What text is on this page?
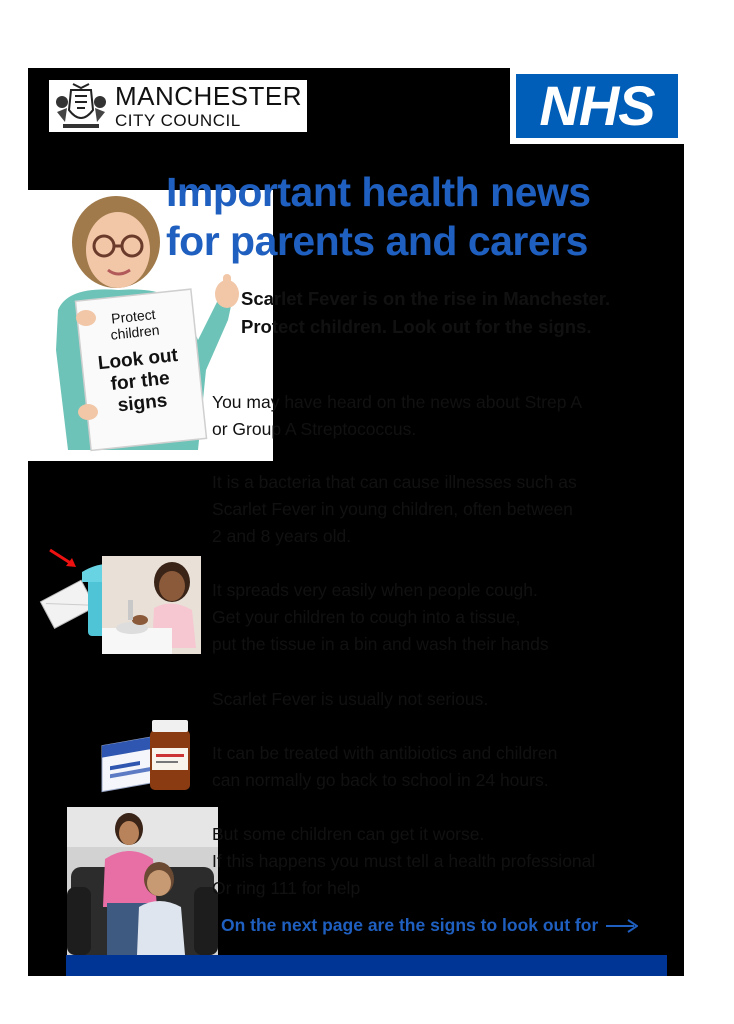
MANCHESTER
CITY COUNCIL	NHS
Protect
children
Look out
for the
signs
Important health news
for parents and carers

Scarlet Fever is on the rise in Manchester.
Protect children. Look out for the signs.

You may have heard on the news about Strep A
or Group A Streptococcus.

It is a bacteria that can cause illnesses such as
Scarlet Fever in young children, often between
2 and 8 years old.

It spreads very easily when people cough.
Get your children to cough into a tissue,
put the tissue in a bin and wash their hands

Scarlet Fever is usually not serious.

It can be treated with antibiotics and children
can normally go back to school in 24 hours.

But some children can get it worse.
If this happens you must tell a health professional
Or ring 111 for help

On the next page are the signs to look out for
